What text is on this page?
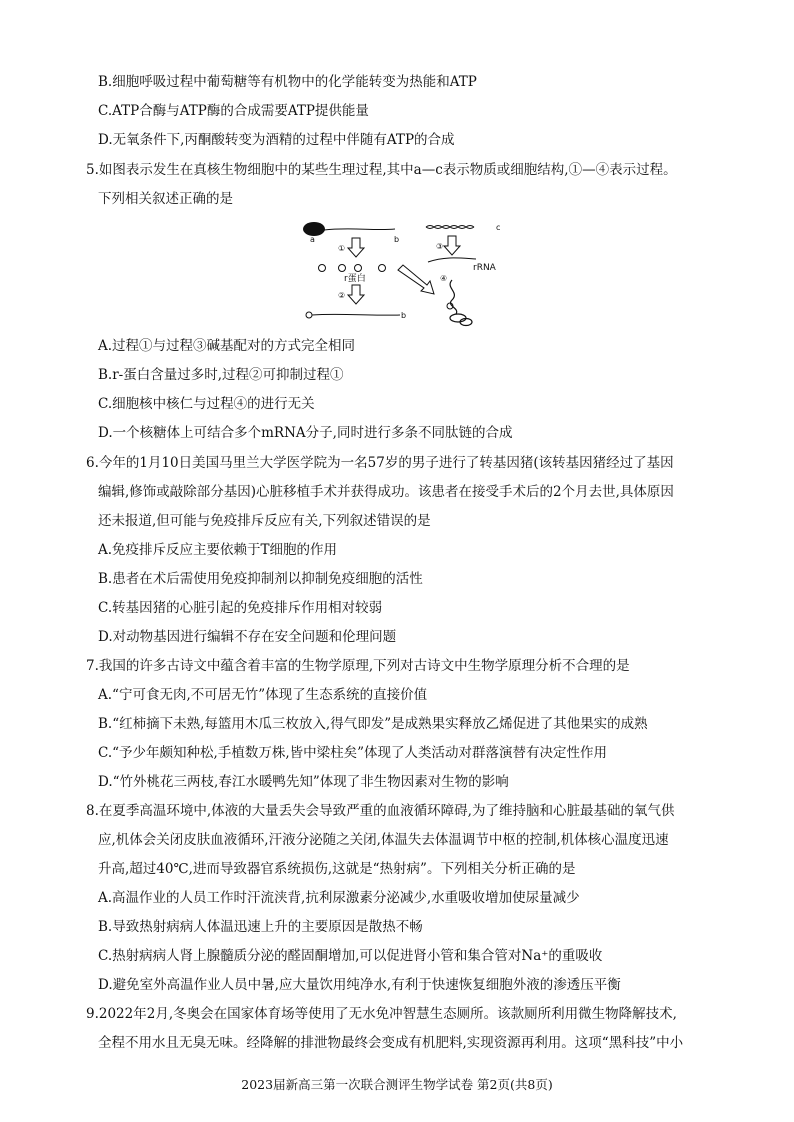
B.细胞呼吸过程中葡萄糖等有机物中的化学能转变为热能和ATP
C.ATP合酶与ATP酶的合成需要ATP提供能量
D.无氧条件下,丙酮酸转变为酒精的过程中伴随有ATP的合成
5.如图表示发生在真核生物细胞中的某些生理过程,其中a—c表示物质或细胞结构,①—④表示过程。
下列相关叙述正确的是
a	b
①
r蛋白
②
b
c
③
rRNA
④
A.过程①与过程③碱基配对的方式完全相同
B.r-蛋白含量过多时,过程②可抑制过程①
C.细胞核中核仁与过程④的进行无关
D.一个核糖体上可结合多个mRNA分子,同时进行多条不同肽链的合成
6.今年的1月10日美国马里兰大学医学院为一名57岁的男子进行了转基因猪(该转基因猪经过了基因
编辑,修饰或敲除部分基因)心脏移植手术并获得成功。该患者在接受手术后的2个月去世,具体原因
还未报道,但可能与免疫排斥反应有关,下列叙述错误的是
A.免疫排斥反应主要依赖于T细胞的作用
B.患者在术后需使用免疫抑制剂以抑制免疫细胞的活性
C.转基因猪的心脏引起的免疫排斥作用相对较弱
D.对动物基因进行编辑不存在安全问题和伦理问题
7.我国的许多古诗文中蕴含着丰富的生物学原理,下列对古诗文中生物学原理分析不合理的是
A.“宁可食无肉,不可居无竹”体现了生态系统的直接价值
B.“红柿摘下未熟,每篮用木瓜三枚放入,得气即发”是成熟果实释放乙烯促进了其他果实的成熟
C.“予少年颇知种松,手植数万株,皆中梁柱矣”体现了人类活动对群落演替有决定性作用
D.“竹外桃花三两枝,春江水暖鸭先知”体现了非生物因素对生物的影响
8.在夏季高温环境中,体液的大量丢失会导致严重的血液循环障碍,为了维持脑和心脏最基础的氧气供
应,机体会关闭皮肤血液循环,汗液分泌随之关闭,体温失去体温调节中枢的控制,机体核心温度迅速
升高,超过40℃,进而导致器官系统损伤,这就是“热射病”。下列相关分析正确的是
A.高温作业的人员工作时汗流浃背,抗利尿激素分泌减少,水重吸收增加使尿量减少
B.导致热射病病人体温迅速上升的主要原因是散热不畅
C.热射病病人肾上腺髓质分泌的醛固酮增加,可以促进肾小管和集合管对Na⁺的重吸收
D.避免室外高温作业人员中暑,应大量饮用纯净水,有利于快速恢复细胞外液的渗透压平衡
9.2022年2月,冬奥会在国家体育场等使用了无水免冲智慧生态厕所。该款厕所利用微生物降解技术,
全程不用水且无臭无味。经降解的排泄物最终会变成有机肥料,实现资源再利用。这项“黑科技”中小
2023届新高三第一次联合测评生物学试卷 第2页(共8页)
